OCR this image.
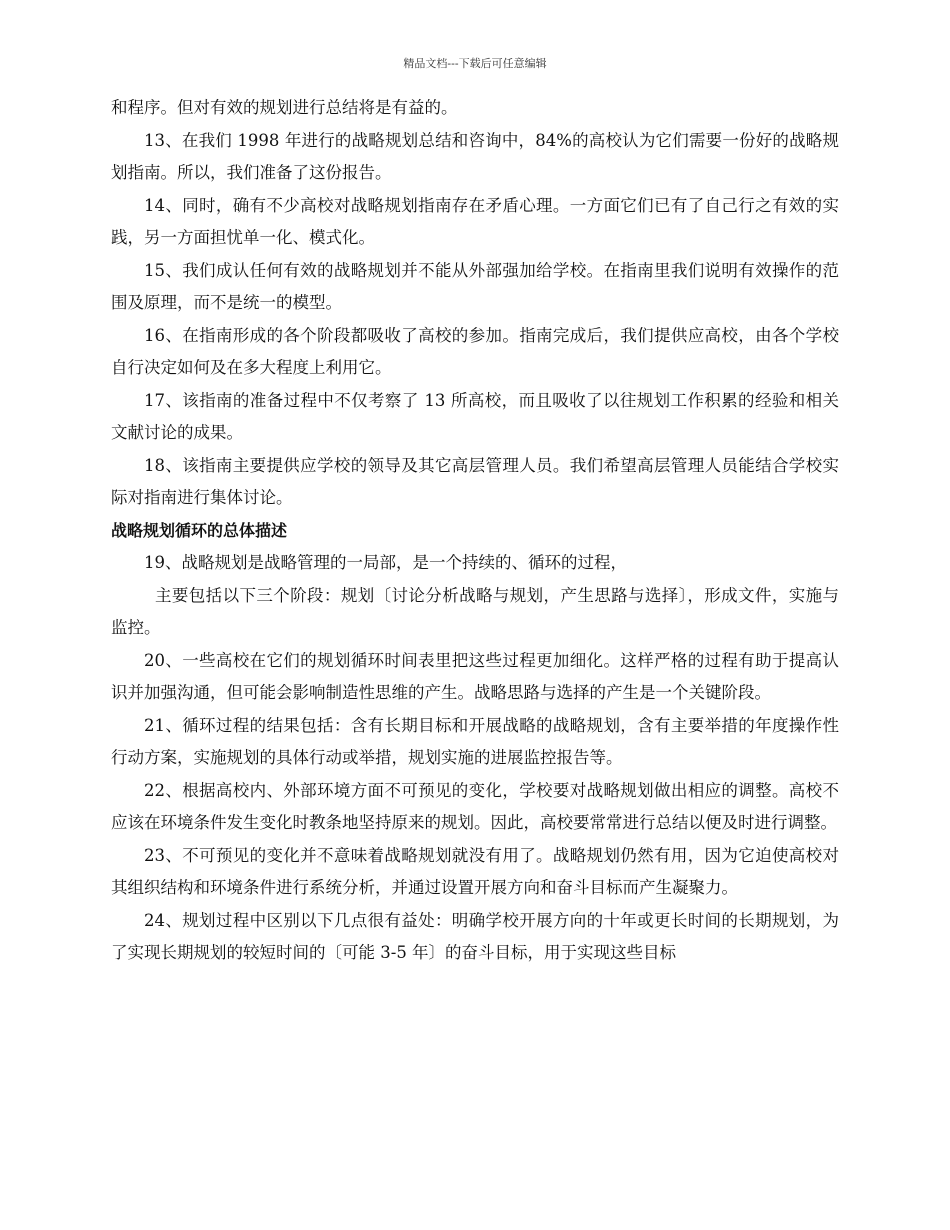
精品文档---下载后可任意编辑

和程序。但对有效的规划进行总结将是有益的。

13、在我们 1998 年进行的战略规划总结和咨询中，84%的高校认为它们需要一份好的战略规划指南。所以，我们准备了这份报告。

14、同时，确有不少高校对战略规划指南存在矛盾心理。一方面它们已有了自己行之有效的实践，另一方面担忧单一化、模式化。

15、我们成认任何有效的战略规划并不能从外部强加给学校。在指南里我们说明有效操作的范围及原理，而不是统一的模型。

16、在指南形成的各个阶段都吸收了高校的参加。指南完成后，我们提供应高校，由各个学校自行决定如何及在多大程度上利用它。

17、该指南的准备过程中不仅考察了 13 所高校，而且吸收了以往规划工作积累的经验和相关文献讨论的成果。

18、该指南主要提供应学校的领导及其它高层管理人员。我们希望高层管理人员能结合学校实际对指南进行集体讨论。

战略规划循环的总体描述

19、战略规划是战略管理的一局部，是一个持续的、循环的过程，

主要包括以下三个阶段：规划〔讨论分析战略与规划，产生思路与选择〕，形成文件，实施与监控。

20、一些高校在它们的规划循环时间表里把这些过程更加细化。这样严格的过程有助于提高认识并加强沟通，但可能会影响制造性思维的产生。战略思路与选择的产生是一个关键阶段。

21、循环过程的结果包括：含有长期目标和开展战略的战略规划，含有主要举措的年度操作性行动方案，实施规划的具体行动或举措，规划实施的进展监控报告等。

22、根据高校内、外部环境方面不可预见的变化，学校要对战略规划做出相应的调整。高校不应该在环境条件发生变化时教条地坚持原来的规划。因此，高校要常常进行总结以便及时进行调整。

23、不可预见的变化并不意味着战略规划就没有用了。战略规划仍然有用，因为它迫使高校对其组织结构和环境条件进行系统分析，并通过设置开展方向和奋斗目标而产生凝聚力。

24、规划过程中区别以下几点很有益处：明确学校开展方向的十年或更长时间的长期规划，为了实现长期规划的较短时间的〔可能 3-5 年〕的奋斗目标，用于实现这些目标
